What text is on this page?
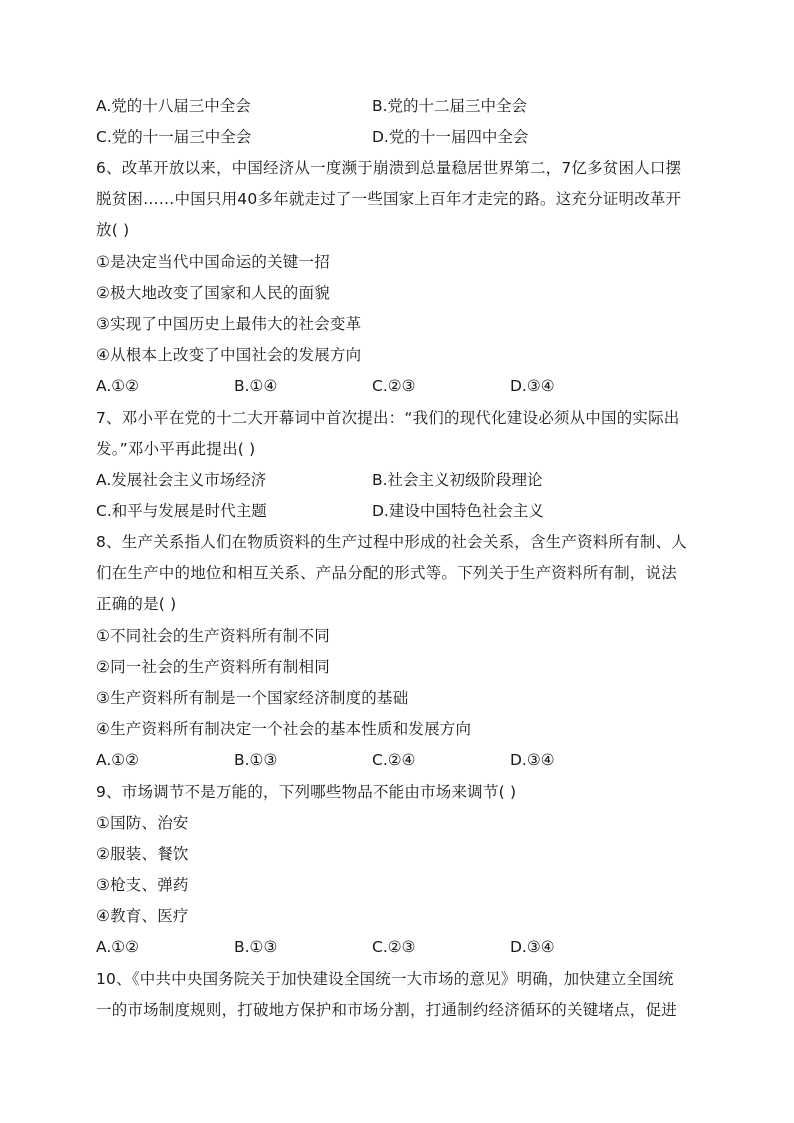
A.党的十八届三中全会	B.党的十二届三中全会
C.党的十一届三中全会	D.党的十一届四中全会
6、改革开放以来，中国经济从一度濒于崩溃到总量稳居世界第二，7亿多贫困人口摆
脱贫困……中国只用40多年就走过了一些国家上百年才走完的路。这充分证明改革开
放( )
①是决定当代中国命运的关键一招
②极大地改变了国家和人民的面貌
③实现了中国历史上最伟大的社会变革
④从根本上改变了中国社会的发展方向
A.①②	B.①④	C.②③	D.③④
7、邓小平在党的十二大开幕词中首次提出：“我们的现代化建设必须从中国的实际出
发。”邓小平再此提出( )
A.发展社会主义市场经济	B.社会主义初级阶段理论
C.和平与发展是时代主题	D.建设中国特色社会主义
8、生产关系指人们在物质资料的生产过程中形成的社会关系，含生产资料所有制、人
们在生产中的地位和相互关系、产品分配的形式等。下列关于生产资料所有制，说法
正确的是( )
①不同社会的生产资料所有制不同
②同一社会的生产资料所有制相同
③生产资料所有制是一个国家经济制度的基础
④生产资料所有制决定一个社会的基本性质和发展方向
A.①②	B.①③	C.②④	D.③④
9、市场调节不是万能的，下列哪些物品不能由市场来调节( )
①国防、治安
②服装、餐饮
③枪支、弹药
④教育、医疗
A.①②	B.①③	C.②③	D.③④
10、《中共中央国务院关于加快建设全国统一大市场的意见》明确，加快建立全国统
一的市场制度规则，打破地方保护和市场分割，打通制约经济循环的关键堵点，促进
